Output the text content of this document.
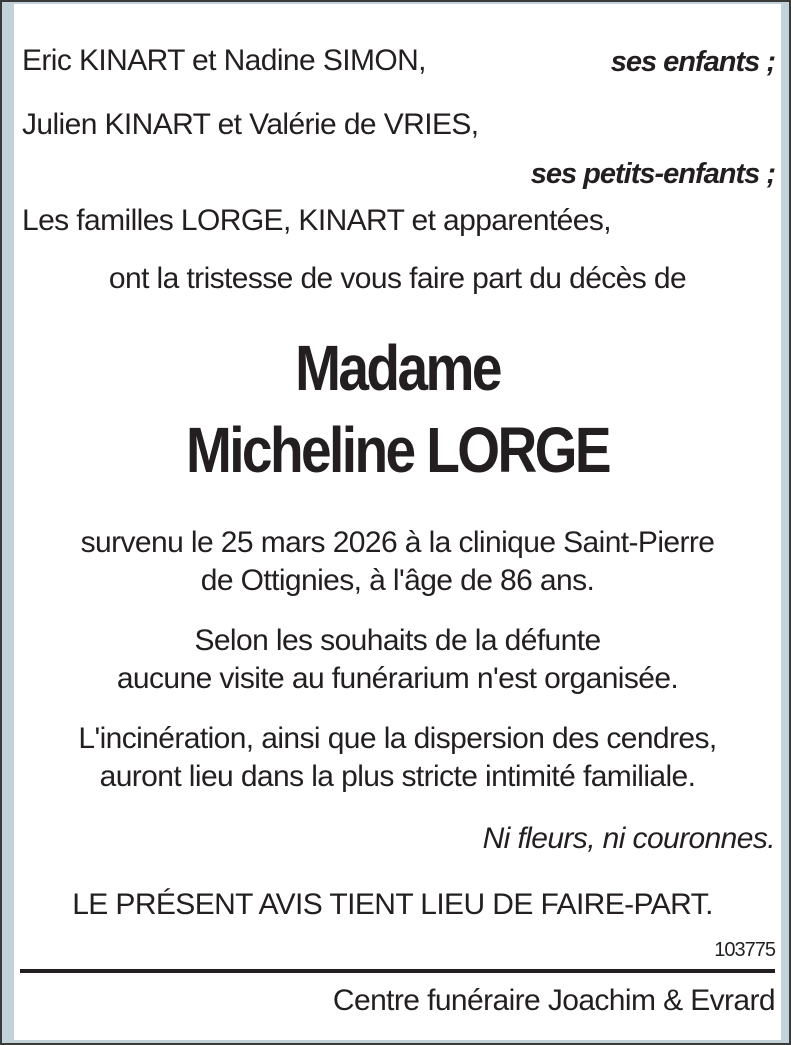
Eric KINART et Nadine SIMON,	ses enfants ;
Julien KINART et Valérie de VRIES,
ses petits-enfants ;
Les familles LORGE, KINART et apparentées,
ont la tristesse de vous faire part du décès de
Madame
Micheline LORGE
survenu le 25 mars 2026 à la clinique Saint-Pierre
de Ottignies, à l'âge de 86 ans.
Selon les souhaits de la défunte
aucune visite au funérarium n'est organisée.
L'incinération, ainsi que la dispersion des cendres,
auront lieu dans la plus stricte intimité familiale.
Ni fleurs, ni couronnes.
LE PRÉSENT AVIS TIENT LIEU DE FAIRE-PART.
103775
Centre funéraire Joachim & Evrard
